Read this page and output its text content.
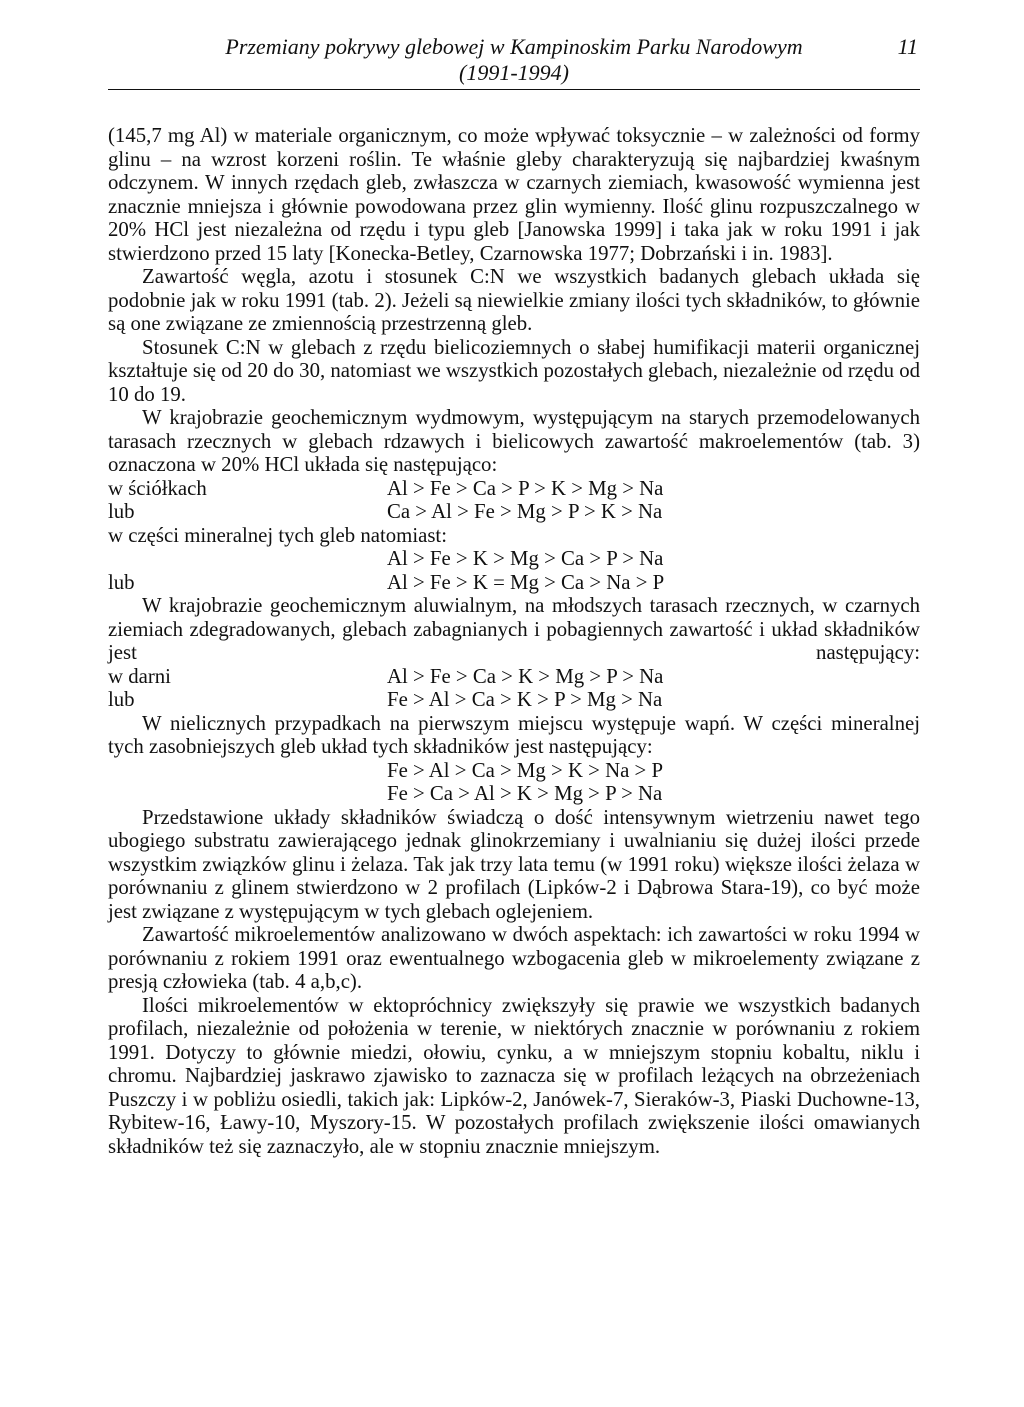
Przemiany pokrywy glebowej w Kampinoskim Parku Narodowym
(1991-1994)
11

(145,7 mg Al) w materiale organicznym, co może wpływać toksycznie – w zależności od formy glinu – na wzrost korzeni roślin. Te właśnie gleby charakteryzują się najbardziej kwaśnym odczynem. W innych rzędach gleb, zwłaszcza w czarnych ziemiach, kwasowość wymienna jest znacznie mniejsza i głównie powodowana przez glin wymienny. Ilość glinu rozpuszczalnego w 20% HCl jest niezależna od rzędu i typu gleb [Janowska 1999] i taka jak w roku 1991 i jak stwierdzono przed 15 laty [Konecka-Betley, Czarnowska 1977; Dobrzański i in. 1983].

Zawartość węgla, azotu i stosunek C:N we wszystkich badanych glebach układa się podobnie jak w roku 1991 (tab. 2). Jeżeli są niewielkie zmiany ilości tych składników, to głównie są one związane ze zmiennością przestrzenną gleb.

Stosunek C:N w glebach z rzędu bielicoziemnych o słabej humifikacji materii organicznej kształtuje się od 20 do 30, natomiast we wszystkich pozostałych glebach, niezależnie od rzędu od 10 do 19.

W krajobrazie geochemicznym wydmowym, występującym na starych przemodelowanych tarasach rzecznych w glebach rdzawych i bielicowych zawartość makroelementów (tab. 3) oznaczona w 20% HCl układa się następująco:

w ściółkach	Al > Fe > Ca > P > K > Mg > Na
lub	Ca > Al > Fe > Mg > P > K > Na
w części mineralnej tych gleb natomiast:
Al > Fe > K > Mg > Ca > P > Na
lub	Al > Fe > K = Mg > Ca > Na > P

W krajobrazie geochemicznym aluwialnym, na młodszych tarasach rzecznych, w czarnych ziemiach zdegradowanych, glebach zabagnianych i pobagiennych zawartość i układ składników jest następujący:

w darni	Al > Fe > Ca > K > Mg > P > Na
lub	Fe > Al > Ca > K > P > Mg > Na

W nielicznych przypadkach na pierwszym miejscu występuje wapń. W części mineralnej tych zasobniejszych gleb układ tych składników jest następujący:

Fe > Al > Ca > Mg > K > Na > P
Fe > Ca > Al > K > Mg > P > Na

Przedstawione układy składników świadczą o dość intensywnym wietrzeniu nawet tego ubogiego substratu zawierającego jednak glinokrzemiany i uwalnianiu się dużej ilości przede wszystkim związków glinu i żelaza. Tak jak trzy lata temu (w 1991 roku) większe ilości żelaza w porównaniu z glinem stwierdzono w 2 profilach (Lipków-2 i Dąbrowa Stara-19), co być może jest związane z występującym w tych glebach oglejeniem.

Zawartość mikroelementów analizowano w dwóch aspektach: ich zawartości w roku 1994 w porównaniu z rokiem 1991 oraz ewentualnego wzbogacenia gleb w mikroelementy związane z presją człowieka (tab. 4 a,b,c).

Ilości mikroelementów w ektopróchnicy zwiększyły się prawie we wszystkich badanych profilach, niezależnie od położenia w terenie, w niektórych znacznie w porównaniu z rokiem 1991. Dotyczy to głównie miedzi, ołowiu, cynku, a w mniejszym stopniu kobaltu, niklu i chromu. Najbardziej jaskrawo zjawisko to zaznacza się w profilach leżących na obrzeżeniach Puszczy i w pobliżu osiedli, takich jak: Lipków-2, Janówek-7, Sieraków-3, Piaski Duchowne-13, Rybitew-16, Ławy-10, Myszory-15. W pozostałych profilach zwiększenie ilości omawianych składników też się zaznaczyło, ale w stopniu znacznie mniejszym.
